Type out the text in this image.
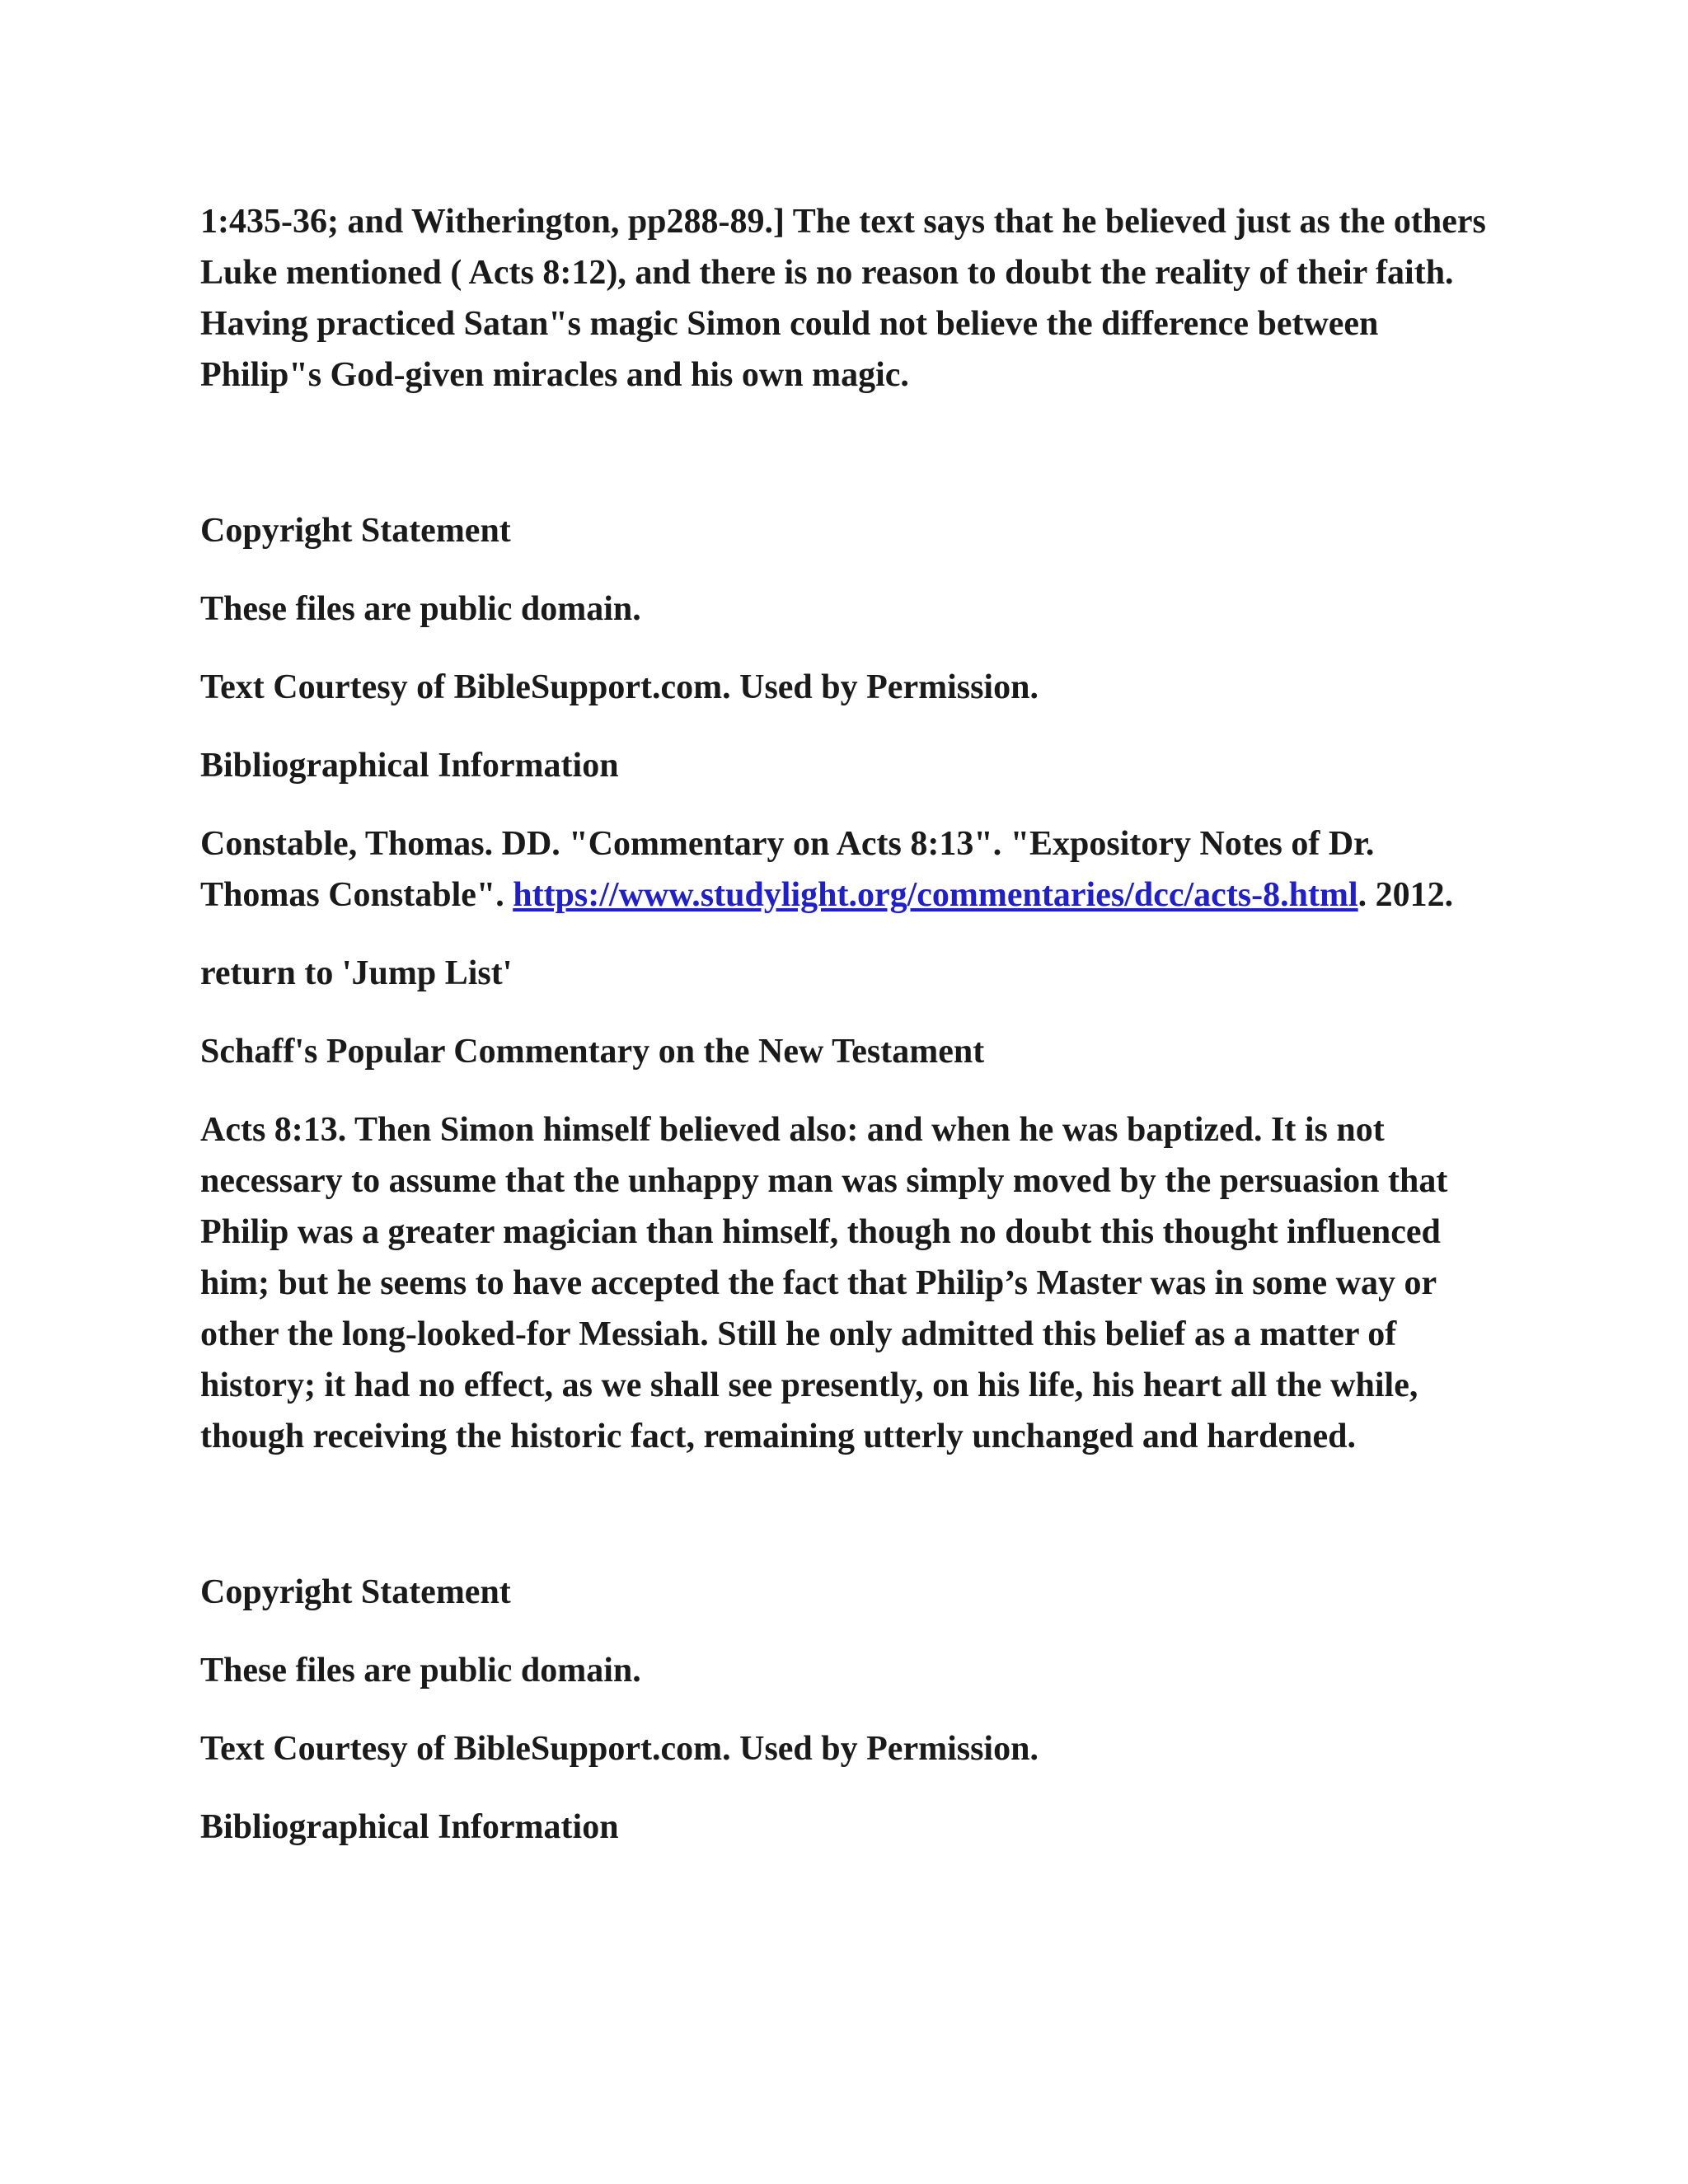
1:435-36; and Witherington, pp288-89.] The text says that he believed just as the others Luke mentioned ( Acts 8:12), and there is no reason to doubt the reality of their faith. Having practiced Satan"s magic Simon could not believe the difference between Philip"s God-given miracles and his own magic.

Copyright Statement

These files are public domain.

Text Courtesy of BibleSupport.com. Used by Permission.

Bibliographical Information

Constable, Thomas. DD. "Commentary on Acts 8:13". "Expository Notes of Dr. Thomas Constable". https://www.studylight.org/commentaries/dcc/acts-8.html. 2012.

return to 'Jump List'

Schaff's Popular Commentary on the New Testament

Acts 8:13. Then Simon himself believed also: and when he was baptized. It is not necessary to assume that the unhappy man was simply moved by the persuasion that Philip was a greater magician than himself, though no doubt this thought influenced him; but he seems to have accepted the fact that Philip’s Master was in some way or other the long-looked-for Messiah. Still he only admitted this belief as a matter of history; it had no effect, as we shall see presently, on his life, his heart all the while, though receiving the historic fact, remaining utterly unchanged and hardened.

Copyright Statement

These files are public domain.

Text Courtesy of BibleSupport.com. Used by Permission.

Bibliographical Information
